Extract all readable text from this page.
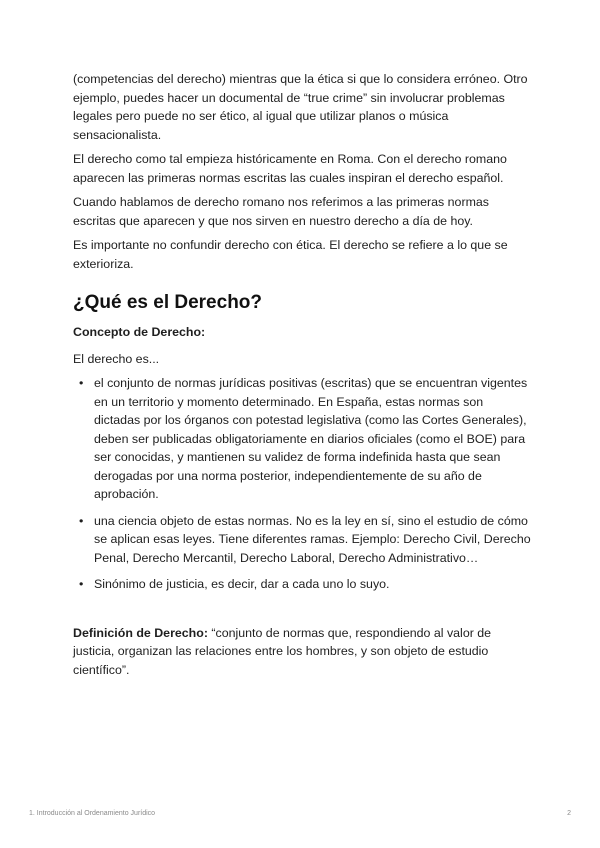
(competencias del derecho) mientras que la ética si que lo considera erróneo. Otro ejemplo, puedes hacer un documental de “true crime” sin involucrar problemas legales pero puede no ser ético, al igual que utilizar planos o música sensacionalista.

El derecho como tal empieza históricamente en Roma. Con el derecho romano aparecen las primeras normas escritas las cuales inspiran el derecho español.

Cuando hablamos de derecho romano nos referimos a las primeras normas escritas que aparecen y que nos sirven en nuestro derecho a día de hoy.

Es importante no confundir derecho con ética. El derecho se refiere a lo que se exterioriza.

¿Qué es el Derecho?

Concepto de Derecho:

El derecho es...

• el conjunto de normas jurídicas positivas (escritas) que se encuentran vigentes en un territorio y momento determinado. En España, estas normas son dictadas por los órganos con potestad legislativa (como las Cortes Generales), deben ser publicadas obligatoriamente en diarios oficiales (como el BOE) para ser conocidas, y mantienen su validez de forma indefinida hasta que sean derogadas por una norma posterior, independientemente de su año de aprobación.
• una ciencia objeto de estas normas. No es la ley en sí, sino el estudio de cómo se aplican esas leyes. Tiene diferentes ramas. Ejemplo: Derecho Civil, Derecho Penal, Derecho Mercantil, Derecho Laboral, Derecho Administrativo…
• Sinónimo de justicia, es decir, dar a cada uno lo suyo.

Definición de Derecho: “conjunto de normas que, respondiendo al valor de justicia, organizan las relaciones entre los hombres, y son objeto de estudio científico”.

1. Introducción al Ordenamiento Jurídico	2
